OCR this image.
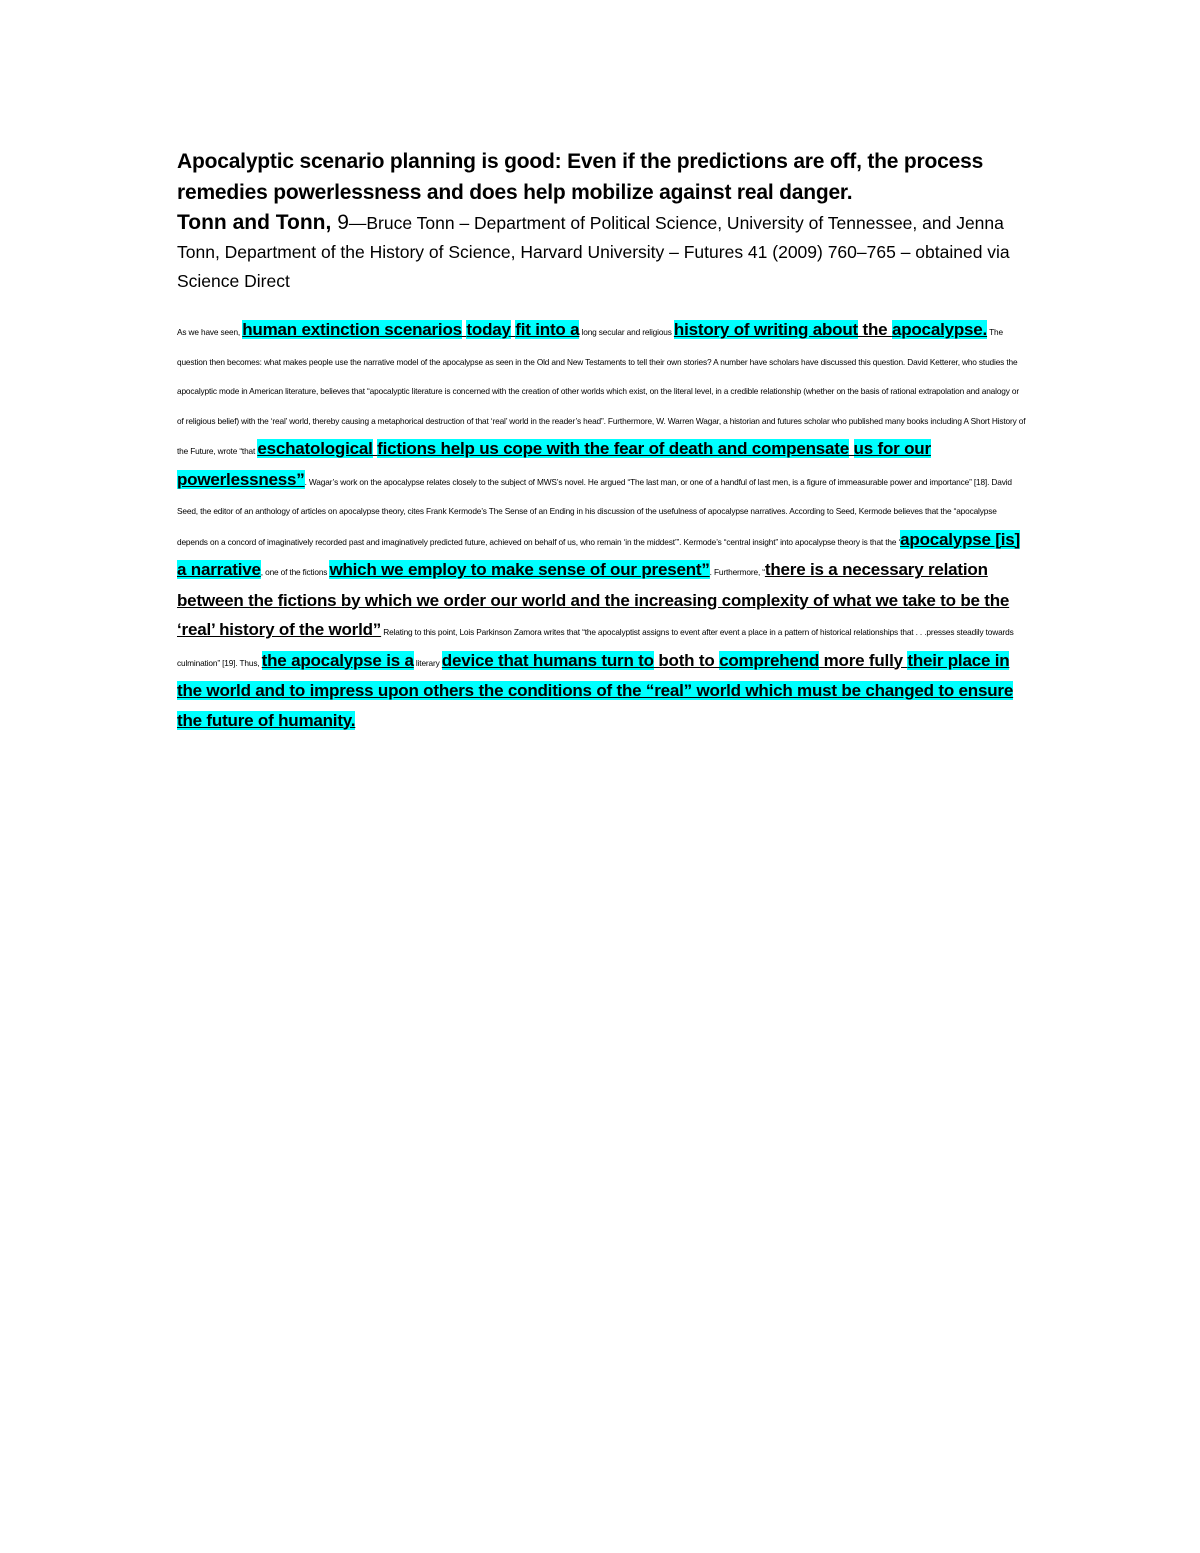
Apocalyptic scenario planning is good: Even if the predictions are off, the process remedies powerlessness and does help mobilize against real danger.

Tonn and Tonn, 9—Bruce Tonn – Department of Political Science, University of Tennessee, and Jenna Tonn, Department of the History of Science, Harvard University – Futures 41 (2009) 760–765 – obtained via Science Direct

As we have seen, human extinction scenarios today fit into a long secular and religious history of writing about the apocalypse. The question then becomes: what makes people use the narrative model of the apocalypse as seen in the Old and New Testaments to tell their own stories? A number have scholars have discussed this question. David Ketterer, who studies the apocalyptic mode in American literature, believes that “apocalyptic literature is concerned with the creation of other worlds which exist, on the literal level, in a credible relationship (whether on the basis of rational extrapolation and analogy or of religious belief) with the ‘real’ world, thereby causing a metaphorical destruction of that ‘real’ world in the reader’s head”. Furthermore, W. Warren Wagar, a historian and futures scholar who published many books including A Short History of the Future, wrote “that eschatological fictions help us cope with the fear of death and compensate us for our powerlessness”. Wagar’s work on the apocalypse relates closely to the subject of MWS’s novel. He argued “The last man, or one of a handful of last men, is a figure of immeasurable power and importance” [18]. David Seed, the editor of an anthology of articles on apocalypse theory, cites Frank Kermode’s The Sense of an Ending in his discussion of the usefulness of apocalypse narratives. According to Seed, Kermode believes that the “apocalypse depends on a concord of imaginatively recorded past and imaginatively predicted future, achieved on behalf of us, who remain ‘in the middest’”. Kermode’s “central insight” into apocalypse theory is that the ‘apocalypse [is] a narrative, one of the fictions which we employ to make sense of our present”. Furthermore, “there is a necessary relation between the fictions by which we order our world and the increasing complexity of what we take to be the ‘real’ history of the world” Relating to this point, Lois Parkinson Zamora writes that “the apocalyptist assigns to event after event a place in a pattern of historical relationships that . . .presses steadily towards culmination” [19]. Thus, the apocalypse is a literary device that humans turn to both to comprehend more fully their place in the world and to impress upon others the conditions of the “real” world which must be changed to ensure the future of humanity.
